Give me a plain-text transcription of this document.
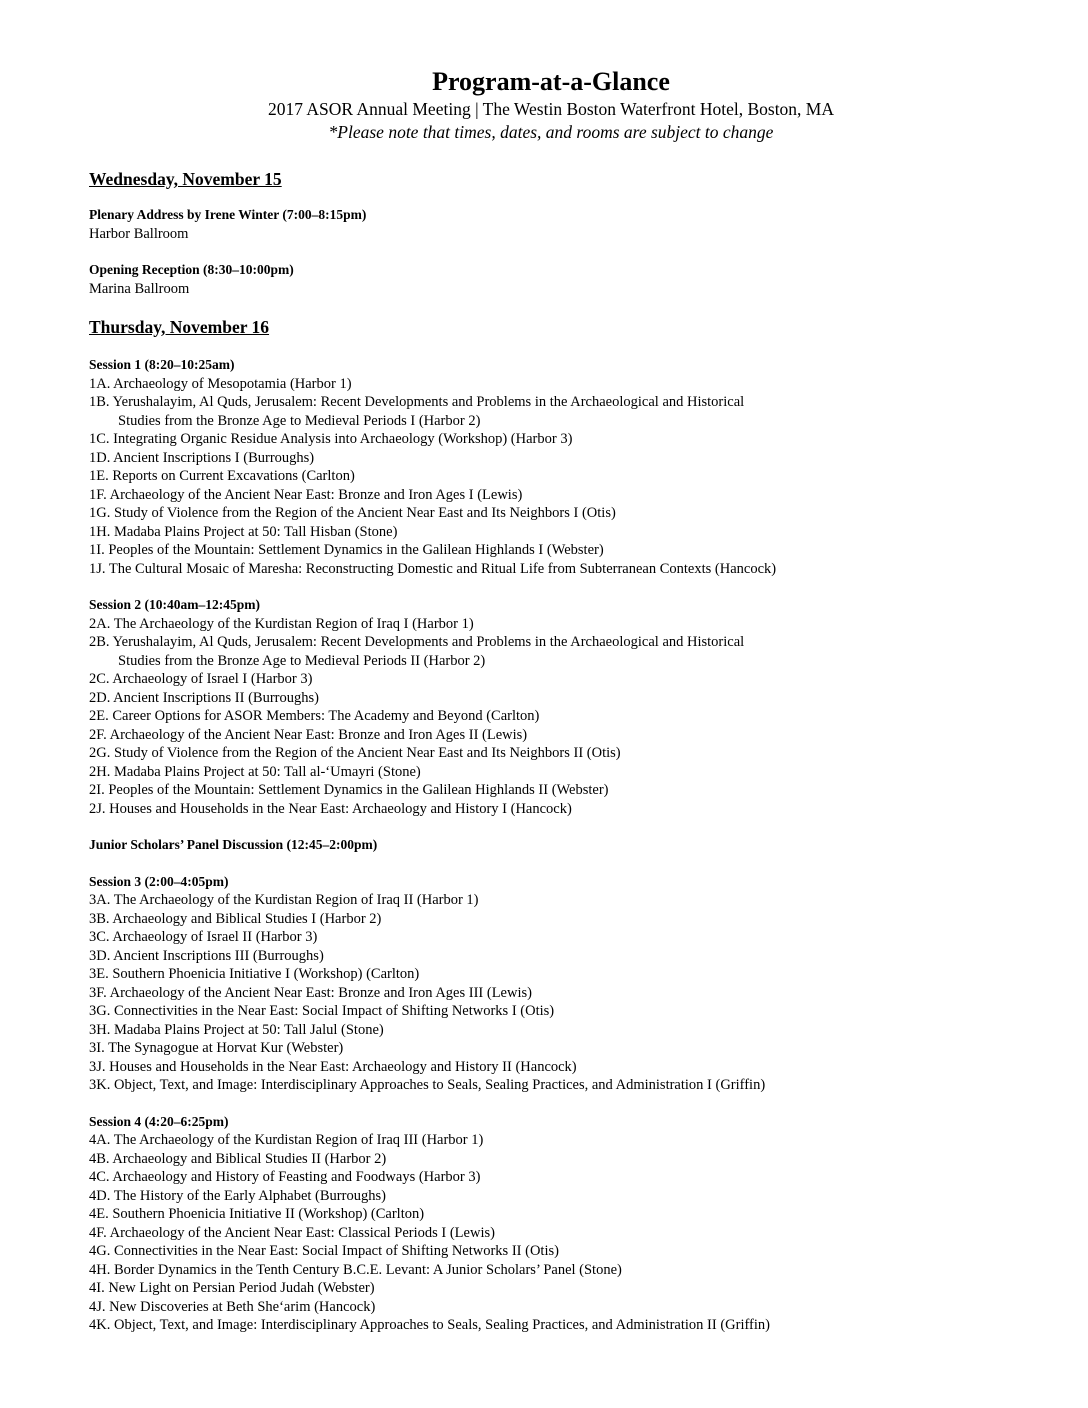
Program-at-a-Glance
2017 ASOR Annual Meeting | The Westin Boston Waterfront Hotel, Boston, MA
*Please note that times, dates, and rooms are subject to change
Wednesday, November 15
Plenary Address by Irene Winter (7:00–8:15pm)
Harbor Ballroom
Opening Reception (8:30–10:00pm)
Marina Ballroom
Thursday, November 16
Session 1 (8:20–10:25am)
1A. Archaeology of Mesopotamia (Harbor 1)
1B. Yerushalayim, Al Quds, Jerusalem: Recent Developments and Problems in the Archaeological and Historical
Studies from the Bronze Age to Medieval Periods I (Harbor 2)
1C. Integrating Organic Residue Analysis into Archaeology (Workshop) (Harbor 3)
1D. Ancient Inscriptions I (Burroughs)
1E. Reports on Current Excavations (Carlton)
1F. Archaeology of the Ancient Near East: Bronze and Iron Ages I (Lewis)
1G. Study of Violence from the Region of the Ancient Near East and Its Neighbors I (Otis)
1H. Madaba Plains Project at 50: Tall Hisban (Stone)
1I. Peoples of the Mountain: Settlement Dynamics in the Galilean Highlands I (Webster)
1J. The Cultural Mosaic of Maresha: Reconstructing Domestic and Ritual Life from Subterranean Contexts (Hancock)
Session 2 (10:40am–12:45pm)
2A. The Archaeology of the Kurdistan Region of Iraq I (Harbor 1)
2B. Yerushalayim, Al Quds, Jerusalem: Recent Developments and Problems in the Archaeological and Historical
Studies from the Bronze Age to Medieval Periods II (Harbor 2)
2C. Archaeology of Israel I (Harbor 3)
2D. Ancient Inscriptions II (Burroughs)
2E. Career Options for ASOR Members: The Academy and Beyond (Carlton)
2F. Archaeology of the Ancient Near East: Bronze and Iron Ages II (Lewis)
2G. Study of Violence from the Region of the Ancient Near East and Its Neighbors II (Otis)
2H. Madaba Plains Project at 50: Tall al-‘Umayri (Stone)
2I. Peoples of the Mountain: Settlement Dynamics in the Galilean Highlands II (Webster)
2J. Houses and Households in the Near East: Archaeology and History I (Hancock)
Junior Scholars’ Panel Discussion (12:45–2:00pm)
Session 3 (2:00–4:05pm)
3A. The Archaeology of the Kurdistan Region of Iraq II (Harbor 1)
3B. Archaeology and Biblical Studies I (Harbor 2)
3C. Archaeology of Israel II (Harbor 3)
3D. Ancient Inscriptions III (Burroughs)
3E. Southern Phoenicia Initiative I (Workshop) (Carlton)
3F. Archaeology of the Ancient Near East: Bronze and Iron Ages III (Lewis)
3G. Connectivities in the Near East: Social Impact of Shifting Networks I (Otis)
3H. Madaba Plains Project at 50: Tall Jalul (Stone)
3I. The Synagogue at Horvat Kur (Webster)
3J. Houses and Households in the Near East: Archaeology and History II (Hancock)
3K. Object, Text, and Image: Interdisciplinary Approaches to Seals, Sealing Practices, and Administration I (Griffin)
Session 4 (4:20–6:25pm)
4A. The Archaeology of the Kurdistan Region of Iraq III (Harbor 1)
4B. Archaeology and Biblical Studies II (Harbor 2)
4C. Archaeology and History of Feasting and Foodways (Harbor 3)
4D. The History of the Early Alphabet (Burroughs)
4E. Southern Phoenicia Initiative II (Workshop) (Carlton)
4F. Archaeology of the Ancient Near East: Classical Periods I (Lewis)
4G. Connectivities in the Near East: Social Impact of Shifting Networks II (Otis)
4H. Border Dynamics in the Tenth Century B.C.E. Levant: A Junior Scholars’ Panel (Stone)
4I. New Light on Persian Period Judah (Webster)
4J. New Discoveries at Beth She‘arim (Hancock)
4K. Object, Text, and Image: Interdisciplinary Approaches to Seals, Sealing Practices, and Administration II (Griffin)
